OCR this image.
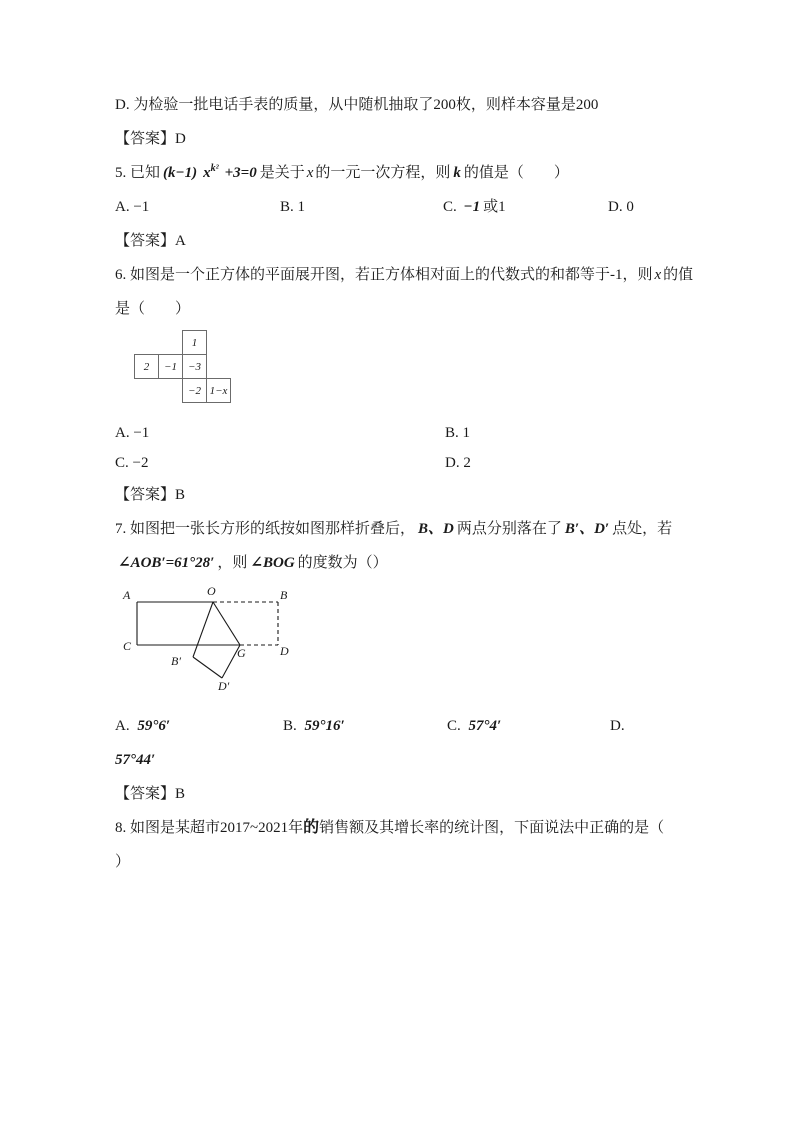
D. 为检验一批电话手表的质量，从中随机抽取了200枚，则样本容量是200

【答案】D

5. 已知 (k−1) $x^{k^2} +3=0$ 是关于 x 的一元一次方程，则 k 的值是（　　）

A. −1	B. 1	C. −1 或1	D. 0

【答案】A

6. 如图是一个正方体的平面展开图，若正方体相对面上的代数式的和都等于-1，则 x 的值

是（　　）

1
2	−1	−3
−2 1−x
A. −1	B. 1
C. −2	D. 2

【答案】B

7. 如图把一张长方形的纸按如图那样折叠后， B、D 两点分别落在了 B′、D′ 点处，若

∠AOB′=61°28′ ，则 ∠BOG 的度数为（）

A	O	B
C	G	D
B′
D′
A. 59°6′	B. 59°16′	C. 57°4′	D.

57°44′

【答案】B

8. 如图是某超市2017~2021年的销售额及其增长率的统计图，下面说法中正确的是（

）
